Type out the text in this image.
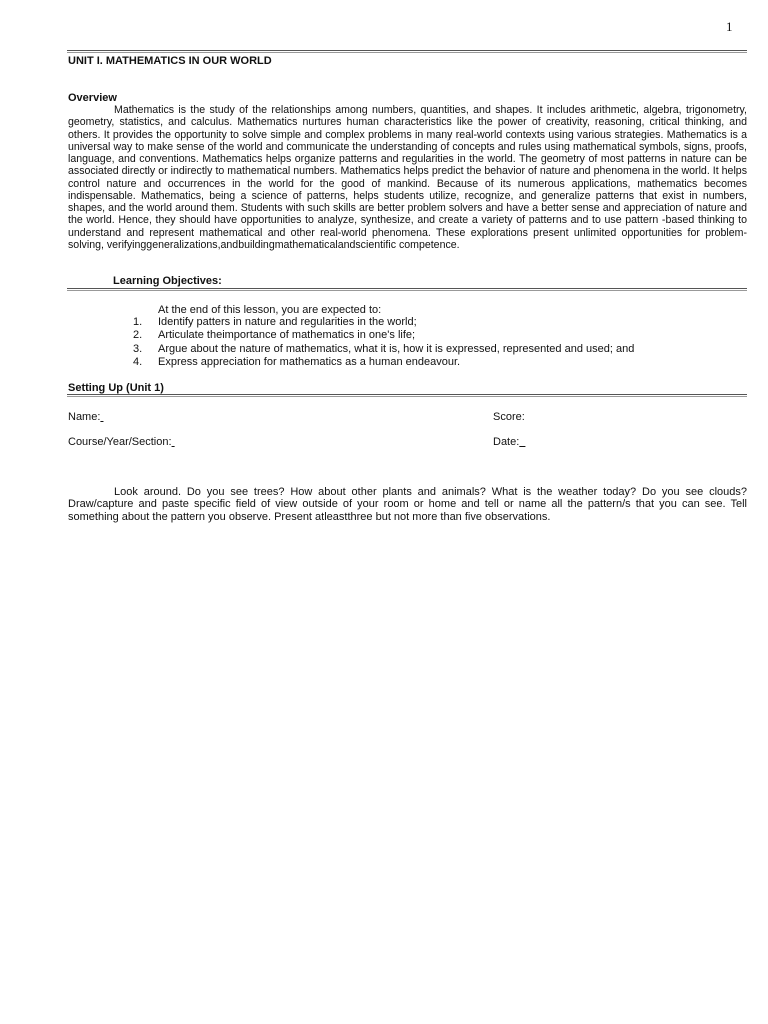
1
UNIT I. MATHEMATICS IN OUR WORLD
Overview
Mathematics is the study of the relationships among numbers, quantities, and shapes. It includes arithmetic, algebra, trigonometry, geometry, statistics, and calculus. Mathematics nurtures human characteristics like the power of creativity, reasoning, critical thinking, and others. It provides the opportunity to solve simple and complex problems in many real-world contexts using various strategies. Mathematics is a universal way to make sense of the world and communicate the understanding of concepts and rules using mathematical symbols, signs, proofs, language, and conventions. Mathematics helps organize patterns and regularities in the world. The geometry of most patterns in nature can be associated directly or indirectly to mathematical numbers. Mathematics helps predict the behavior of nature and phenomena in the world. It helps control nature and occurrences in the world for the good of mankind. Because of its numerous applications, mathematics becomes indispensable. Mathematics, being a science of patterns, helps students utilize, recognize, and generalize patterns that exist in numbers, shapes, and the world around them. Students with such skills are better problem solvers and have a better sense and appreciation of nature and the world. Hence, they should have opportunities to analyze, synthesize, and create a variety of patterns and to use pattern -based thinking to understand and represent mathematical and other real-world phenomena. These explorations present unlimited opportunities for problem-solving, verifyinggeneralizations,andbuildingmathematicalandscientific competence.
Learning Objectives:
At the end of this lesson, you are expected to:
1. Identify patters in nature and regularities in the world;
2. Articulate theimportance of mathematics in one's life;
3. Argue about the nature of mathematics, what it is, how it is expressed, represented and used; and
4. Express appreciation for mathematics as a human endeavour.
Setting Up (Unit 1)
Name:	Score:
Course/Year/Section:	Date:
Look around. Do you see trees? How about other plants and animals? What is the weather today? Do you see clouds? Draw/capture and paste specific field of view outside of your room or home and tell or name all the pattern/s that you can see. Tell something about the pattern you observe. Present atleastthree but not more than five observations.
